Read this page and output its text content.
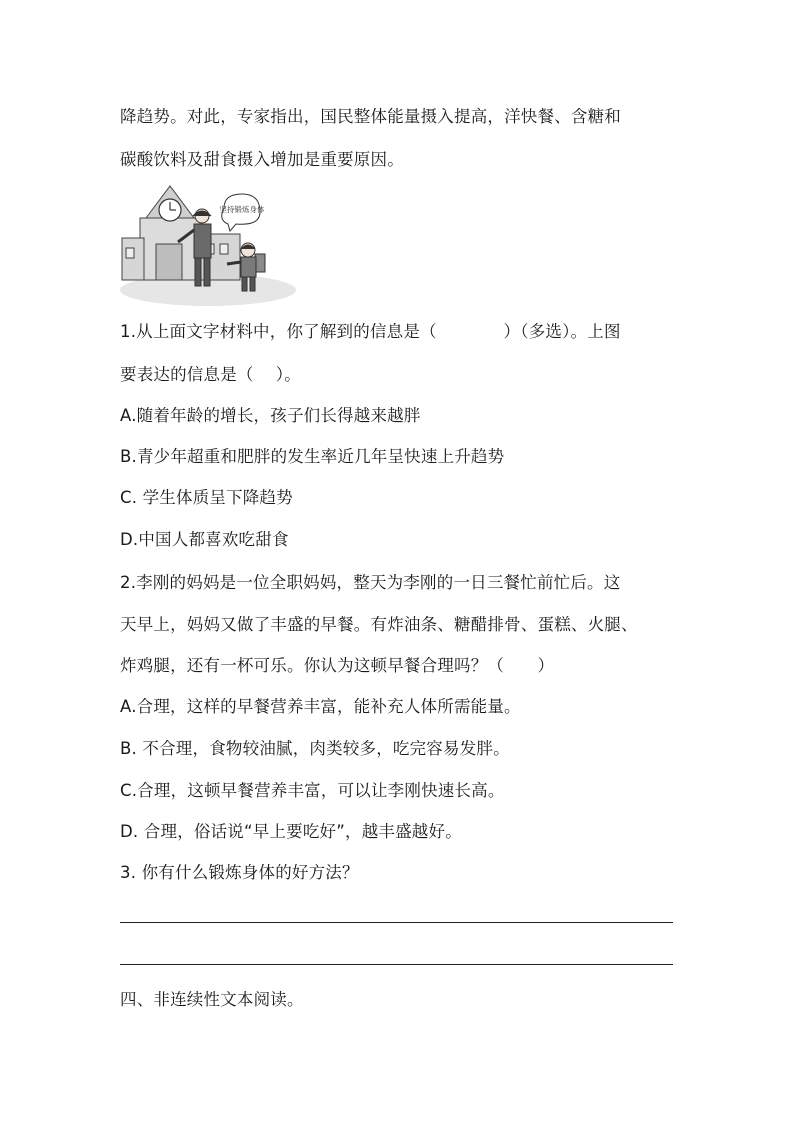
降趋势。对此，专家指出，国民整体能量摄入提高，洋快餐、含糖和
碳酸饮料及甜食摄入增加是重要原因。
坚持锻炼身体
1.从上面文字材料中，你了解到的信息是（　　　　）（多选）。上图
要表达的信息是（　 ）。
A.随着年龄的增长，孩子们长得越来越胖
B.青少年超重和肥胖的发生率近几年呈快速上升趋势
C. 学生体质呈下降趋势
D.中国人都喜欢吃甜食
2.李刚的妈妈是一位全职妈妈，整天为李刚的一日三餐忙前忙后。这
天早上，妈妈又做了丰盛的早餐。有炸油条、糖醋排骨、蛋糕、火腿、
炸鸡腿，还有一杯可乐。你认为这顿早餐合理吗？（　　）
A.合理，这样的早餐营养丰富，能补充人体所需能量。
B. 不合理，食物较油腻，肉类较多，吃完容易发胖。
C.合理，这顿早餐营养丰富，可以让李刚快速长高。
D. 合理，俗话说“早上要吃好”，越丰盛越好。
3. 你有什么锻炼身体的好方法？
四、非连续性文本阅读。
